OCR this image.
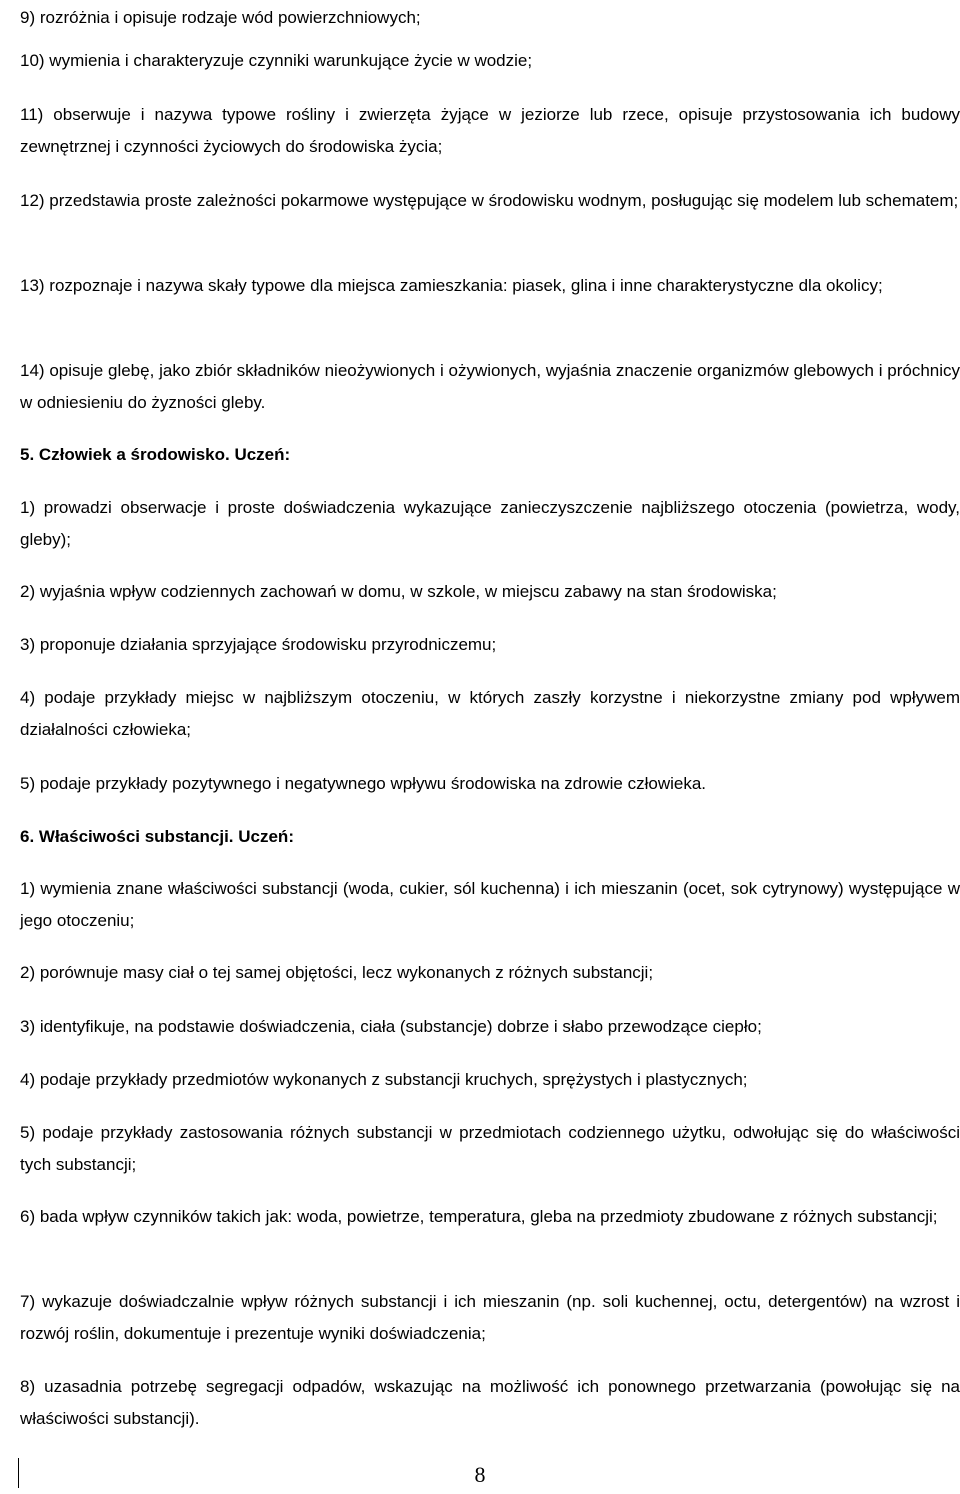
9) rozróżnia i opisuje rodzaje wód powierzchniowych;

10) wymienia i charakteryzuje czynniki warunkujące życie w wodzie;

11) obserwuje i nazywa typowe rośliny i zwierzęta żyjące w jeziorze lub rzece, opisuje przystosowania ich budowy zewnętrznej i czynności życiowych do środowiska życia;

12) przedstawia proste zależności pokarmowe występujące w środowisku wodnym, posługując się modelem lub schematem;

13) rozpoznaje i nazywa skały typowe dla miejsca zamieszkania: piasek, glina i inne charakterystyczne dla okolicy;

14) opisuje glebę, jako zbiór składników nieożywionych i ożywionych, wyjaśnia znaczenie organizmów glebowych i próchnicy w odniesieniu do żyzności gleby.

5. Człowiek a środowisko. Uczeń:

1) prowadzi obserwacje i proste doświadczenia wykazujące zanieczyszczenie najbliższego otoczenia (powietrza, wody, gleby);

2) wyjaśnia wpływ codziennych zachowań w domu, w szkole, w miejscu zabawy na stan środowiska;

3) proponuje działania sprzyjające środowisku przyrodniczemu;

4) podaje przykłady miejsc w najbliższym otoczeniu, w których zaszły korzystne i niekorzystne zmiany pod wpływem działalności człowieka;

5) podaje przykłady pozytywnego i negatywnego wpływu środowiska na zdrowie człowieka.

6. Właściwości substancji. Uczeń:

1) wymienia znane właściwości substancji (woda, cukier, sól kuchenna) i ich mieszanin (ocet, sok cytrynowy) występujące w jego otoczeniu;

2) porównuje masy ciał o tej samej objętości, lecz wykonanych z różnych substancji;

3) identyfikuje, na podstawie doświadczenia, ciała (substancje) dobrze i słabo przewodzące ciepło;

4) podaje przykłady przedmiotów wykonanych z substancji kruchych, sprężystych i plastycznych;

5) podaje przykłady zastosowania różnych substancji w przedmiotach codziennego użytku, odwołując się do właściwości tych substancji;

6) bada wpływ czynników takich jak: woda, powietrze, temperatura, gleba na przedmioty zbudowane z różnych substancji;

7) wykazuje doświadczalnie wpływ różnych substancji i ich mieszanin (np. soli kuchennej, octu, detergentów) na wzrost i rozwój roślin, dokumentuje i prezentuje wyniki doświadczenia;

8) uzasadnia potrzebę segregacji odpadów, wskazując na możliwość ich ponownego przetwarzania (powołując się na właściwości substancji).

8
